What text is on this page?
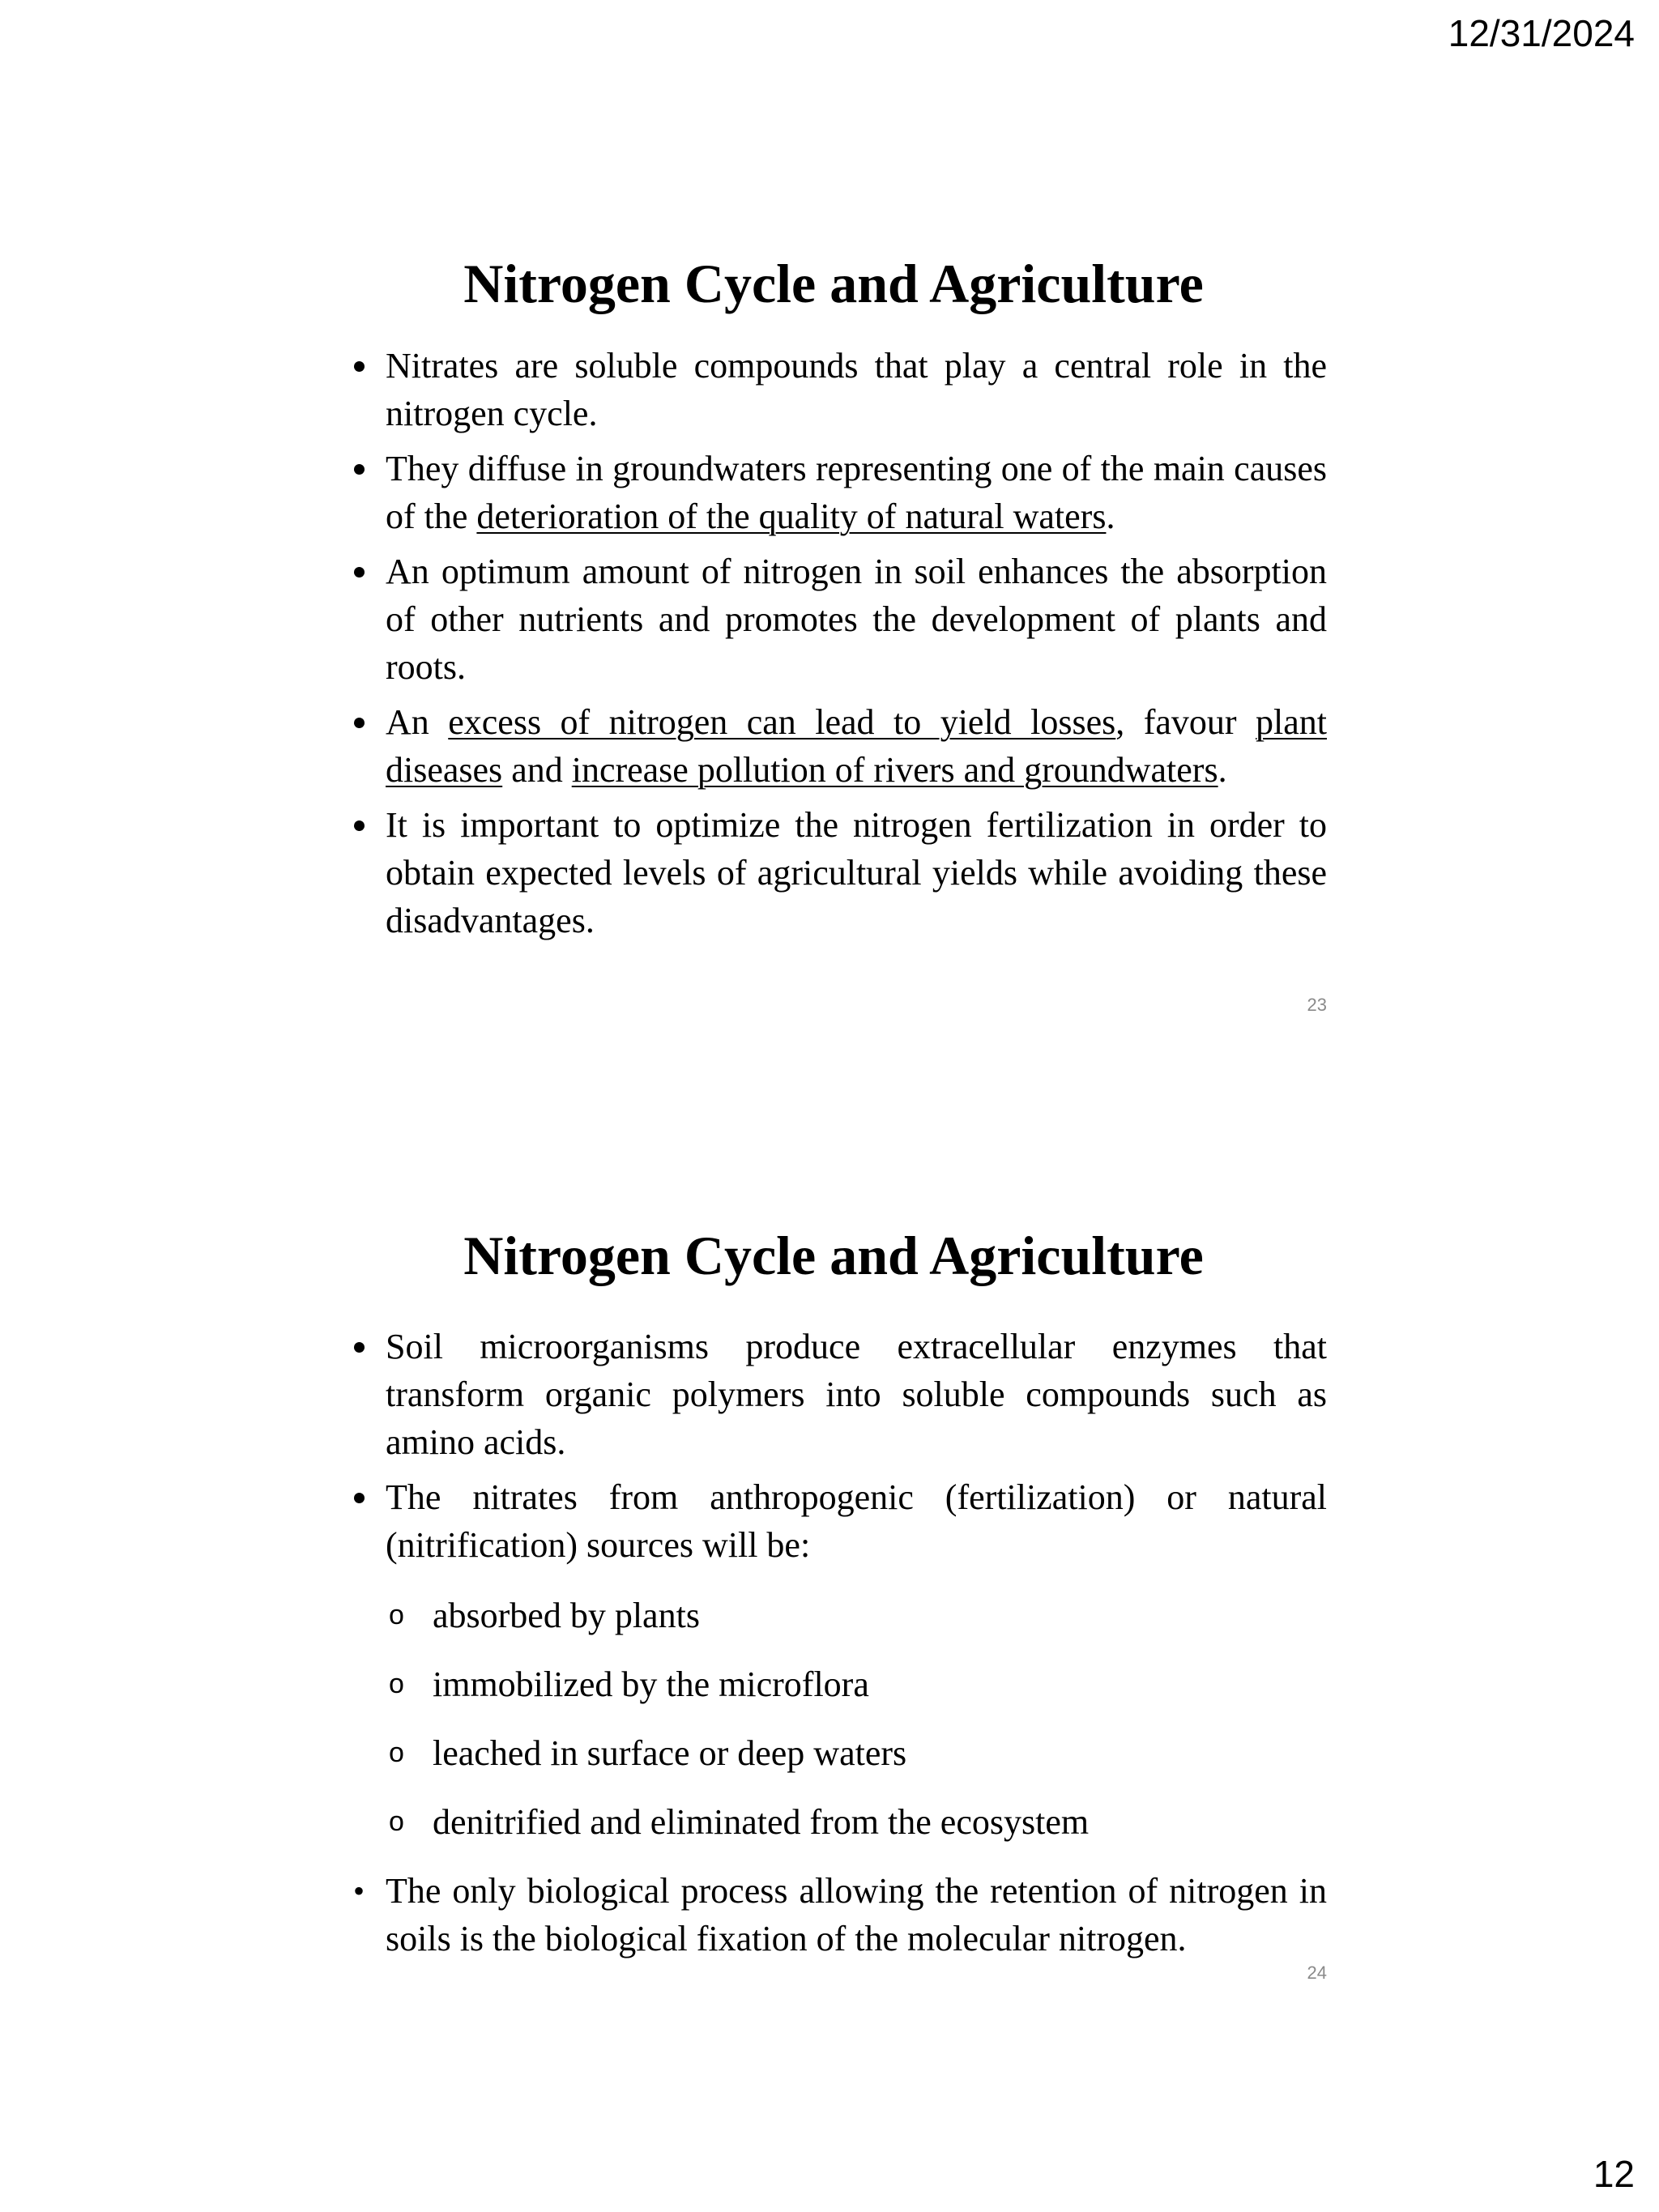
12/31/2024
Nitrogen Cycle and Agriculture
Nitrates are soluble compounds that play a central role in the nitrogen cycle.
They diffuse in groundwaters representing one of the main causes of the deterioration of the quality of natural waters.
An optimum amount of nitrogen in soil enhances the absorption of other nutrients and promotes the development of plants and roots.
An excess of nitrogen can lead to yield losses, favour plant diseases and increase pollution of rivers and groundwaters.
It is important to optimize the nitrogen fertilization in order to obtain expected levels of agricultural yields while avoiding these disadvantages.
23
Nitrogen Cycle and Agriculture
Soil microorganisms produce extracellular enzymes that transform organic polymers into soluble compounds such as amino acids.
The nitrates from anthropogenic (fertilization) or natural (nitrification) sources will be:
o absorbed by plants
o immobilized by the microflora
o leached in surface or deep waters
o denitrified and eliminated from the ecosystem
• The only biological process allowing the retention of nitrogen in soils is the biological fixation of the molecular nitrogen.
24
12
